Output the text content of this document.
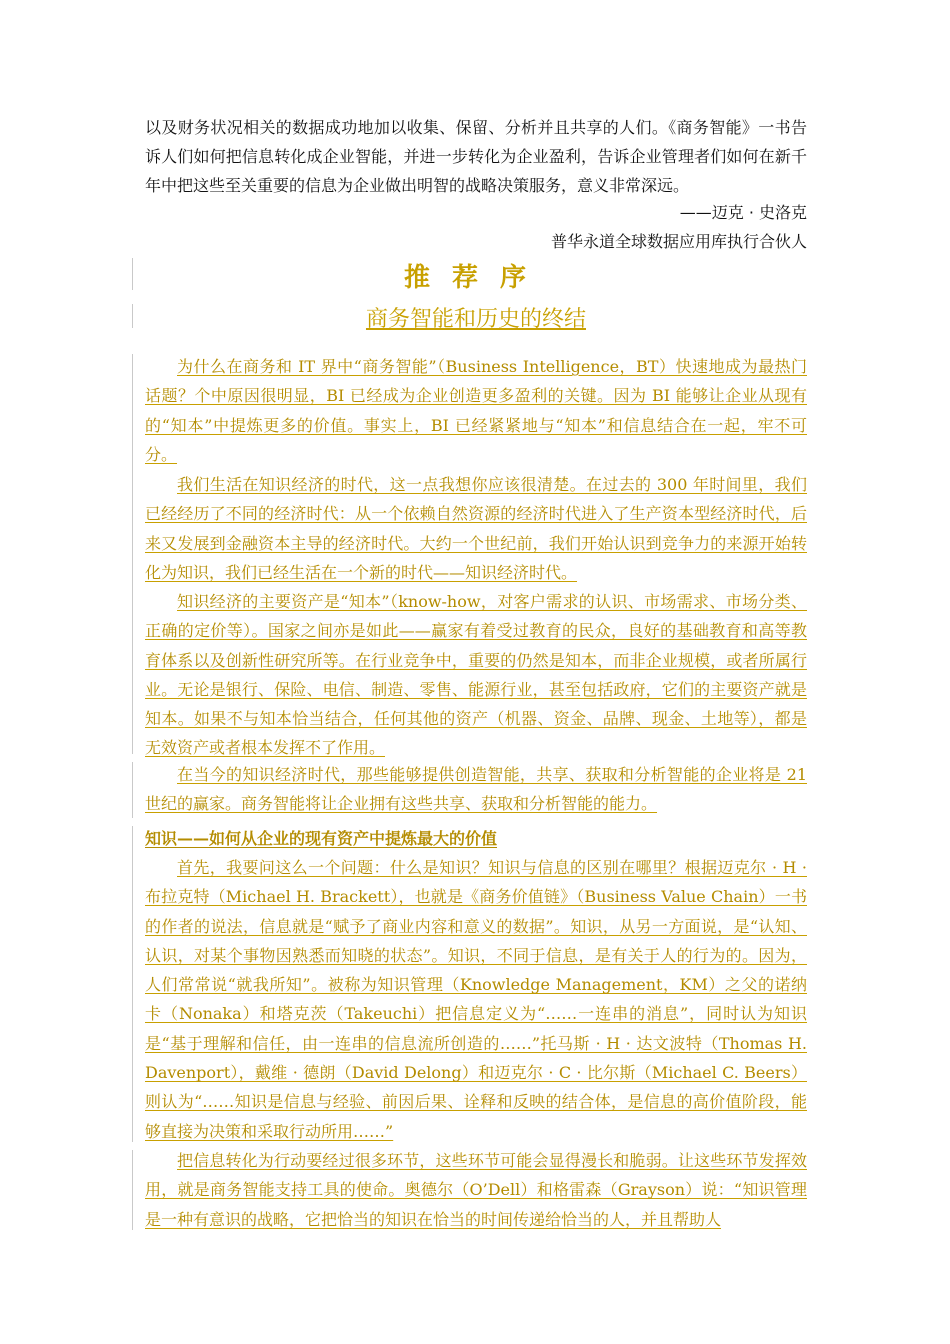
以及财务状况相关的数据成功地加以收集、保留、分析并且共享的人们。《商务智能》一书告诉人们如何把信息转化成企业智能，并进一步转化为企业盈利，告诉企业管理者们如何在新千年中把这些至关重要的信息为企业做出明智的战略决策服务，意义非常深远。
——迈克 · 史洛克
普华永道全球数据应用库执行合伙人
推荐序
商务智能和历史的终结
为什么在商务和 IT 界中“商务智能”（Business Intelligence，BT）快速地成为最热门话题？个中原因很明显，BI 已经成为企业创造更多盈利的关键。因为 BI 能够让企业从现有的“知本”中提炼更多的价值。事实上，BI 已经紧紧地与“知本”和信息结合在一起，牢不可分。
我们生活在知识经济的时代，这一点我想你应该很清楚。在过去的 300 年时间里，我们已经经历了不同的经济时代：从一个依赖自然资源的经济时代进入了生产资本型经济时代，后来又发展到金融资本主导的经济时代。大约一个世纪前，我们开始认识到竞争力的来源开始转化为知识，我们已经生活在一个新的时代——知识经济时代。
知识经济的主要资产是“知本”（know-how，对客户需求的认识、市场需求、市场分类、正确的定价等）。国家之间亦是如此——赢家有着受过教育的民众，良好的基础教育和高等教育体系以及创新性研究所等。在行业竞争中，重要的仍然是知本，而非企业规模，或者所属行业。无论是银行、保险、电信、制造、零售、能源行业，甚至包括政府，它们的主要资产就是知本。如果不与知本恰当结合，任何其他的资产（机器、资金、品牌、现金、土地等），都是无效资产或者根本发挥不了作用。
在当今的知识经济时代，那些能够提供创造智能，共享、获取和分析智能的企业将是 21 世纪的赢家。商务智能将让企业拥有这些共享、获取和分析智能的能力。
知识——如何从企业的现有资产中提炼最大的价值
首先，我要问这么一个问题：什么是知识？知识与信息的区别在哪里？根据迈克尔 · H · 布拉克特（Michael H. Brackett），也就是《商务价值链》（Business Value Chain）一书的作者的说法，信息就是“赋予了商业内容和意义的数据”。知识，从另一方面说，是“认知、认识，对某个事物因熟悉而知晓的状态”。知识，不同于信息，是有关于人的行为的。因为，人们常常说“就我所知”。被称为知识管理（Knowledge Management，KM）之父的诺纳卡（Nonaka）和塔克茨（Takeuchi）把信息定义为“……一连串的消息”，同时认为知识是“基于理解和信任，由一连串的信息流所创造的……”托马斯 · H · 达文波特（Thomas H. Davenport），戴维 · 德朗（David Delong）和迈克尔 · C · 比尔斯（Michael C. Beers）则认为“……知识是信息与经验、前因后果、诠释和反映的结合体，是信息的高价值阶段，能够直接为决策和采取行动所用……”
把信息转化为行动要经过很多环节，这些环节可能会显得漫长和脆弱。让这些环节发挥效用，就是商务智能支持工具的使命。奥德尔（O’Dell）和格雷森（Grayson）说：“知识管理是一种有意识的战略，它把恰当的知识在恰当的时间传递给恰当的人，并且帮助人
